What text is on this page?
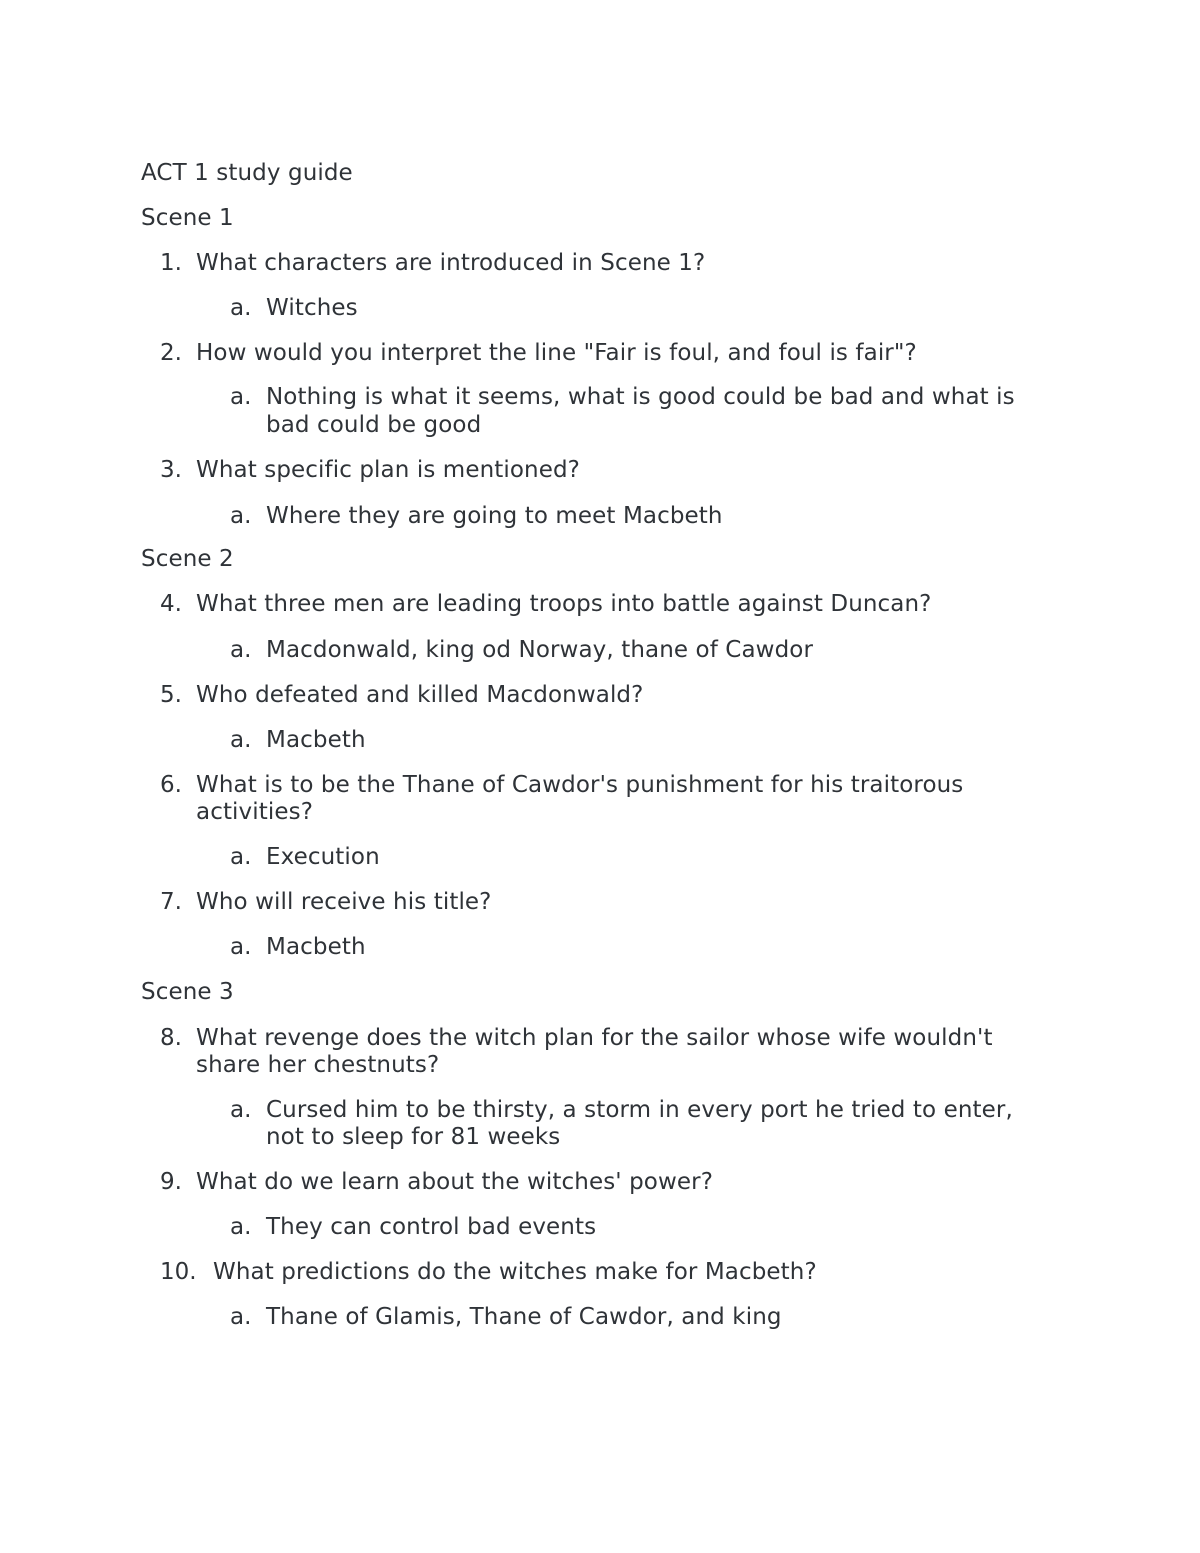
ACT 1 study guide
Scene 1
1. What characters are introduced in Scene 1?
a. Witches
2. How would you interpret the line "Fair is foul, and foul is fair"?
a. Nothing is what it seems, what is good could be bad and what is
bad could be good
3. What specific plan is mentioned?
a. Where they are going to meet Macbeth
Scene 2
4. What three men are leading troops into battle against Duncan?
a. Macdonwald, king od Norway, thane of Cawdor
5. Who defeated and killed Macdonwald?
a. Macbeth
6. What is to be the Thane of Cawdor's punishment for his traitorous
activities?
a. Execution
7. Who will receive his title?
a. Macbeth
Scene 3
8. What revenge does the witch plan for the sailor whose wife wouldn't
share her chestnuts?
a. Cursed him to be thirsty, a storm in every port he tried to enter,
not to sleep for 81 weeks
9. What do we learn about the witches' power?
a. They can control bad events
10. What predictions do the witches make for Macbeth?
a. Thane of Glamis, Thane of Cawdor, and king
